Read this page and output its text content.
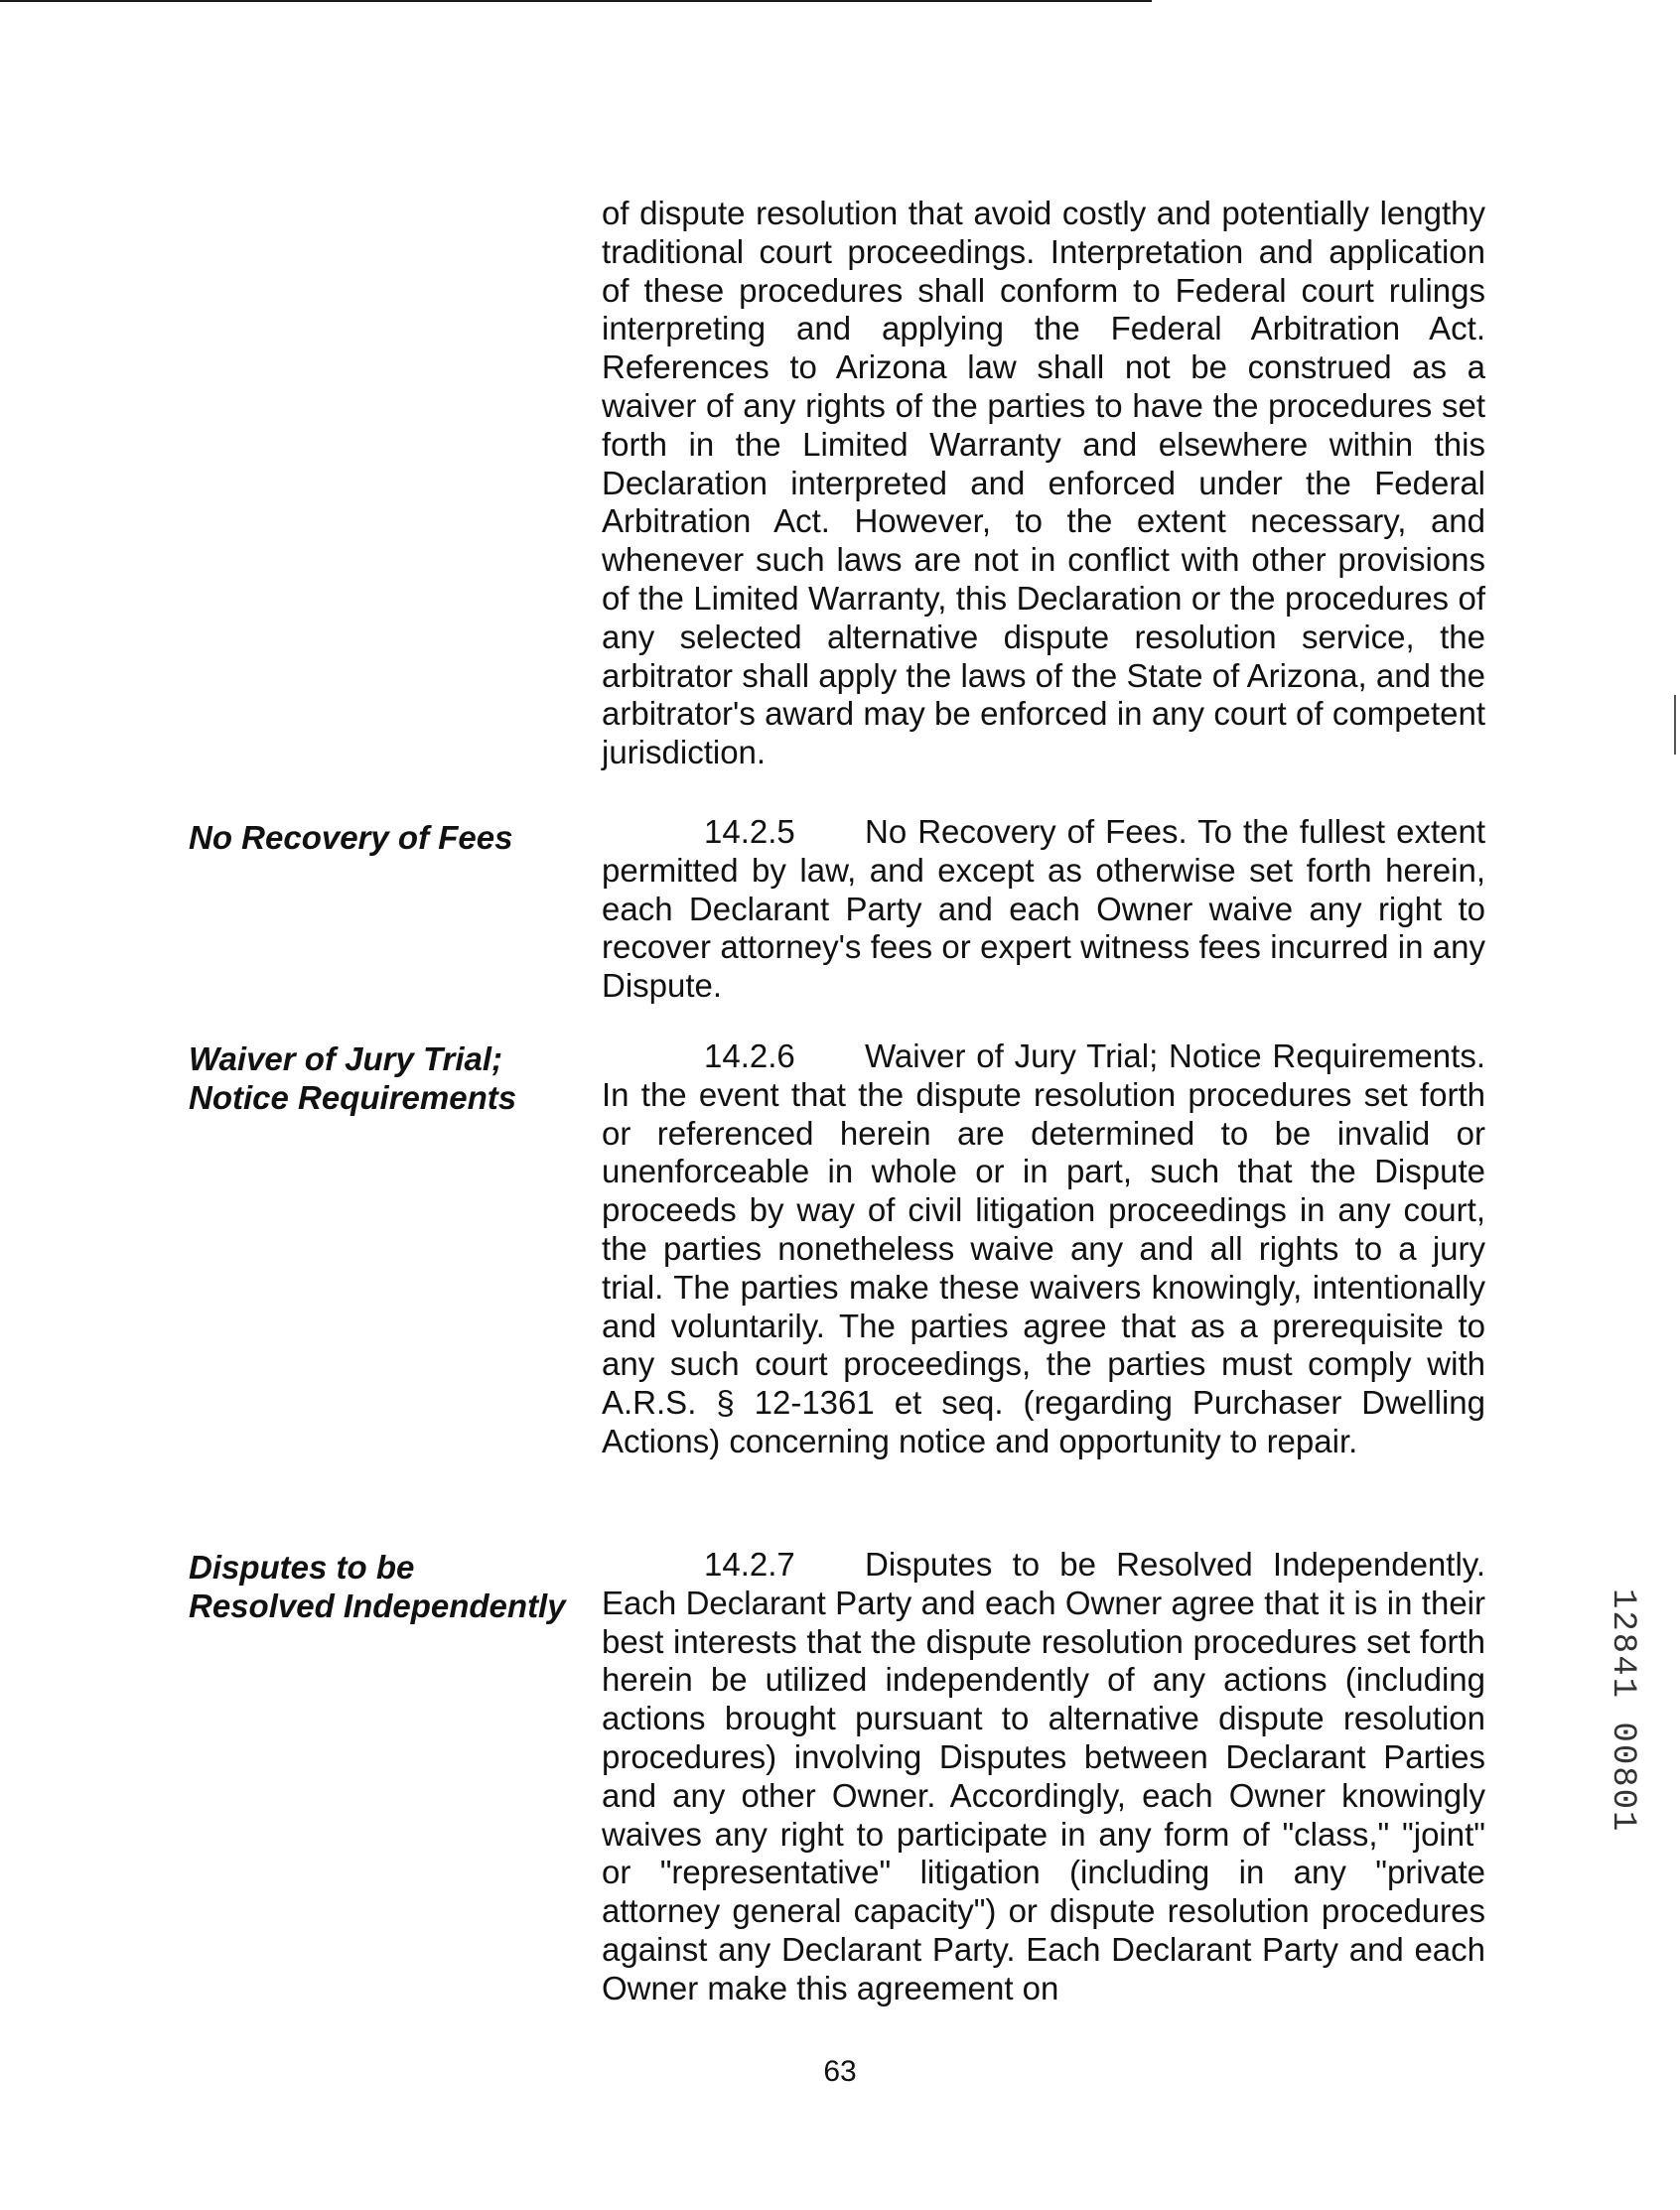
of dispute resolution that avoid costly and potentially lengthy traditional court proceedings. Interpretation and application of these procedures shall conform to Federal court rulings interpreting and applying the Federal Arbitration Act. References to Arizona law shall not be construed as a waiver of any rights of the parties to have the procedures set forth in the Limited Warranty and elsewhere within this Declaration interpreted and enforced under the Federal Arbitration Act. However, to the extent necessary, and whenever such laws are not in conflict with other provisions of the Limited Warranty, this Declaration or the procedures of any selected alternative dispute resolution service, the arbitrator shall apply the laws of the State of Arizona, and the arbitrator's award may be enforced in any court of competent jurisdiction.

No Recovery of Fees	14.2.5 No Recovery of Fees. To the fullest extent permitted by law, and except as otherwise set forth herein, each Declarant Party and each Owner waive any right to recover attorney's fees or expert witness fees incurred in any Dispute.

Waiver of Jury Trial;
Notice Requirements

14.2.6 Waiver of Jury Trial; Notice Requirements. In the event that the dispute resolution procedures set forth or referenced herein are determined to be invalid or unenforceable in whole or in part, such that the Dispute proceeds by way of civil litigation proceedings in any court, the parties nonetheless waive any and all rights to a jury trial. The parties make these waivers knowingly, intentionally and voluntarily. The parties agree that as a prerequisite to any such court proceedings, the parties must comply with A.R.S. § 12-1361 et seq. (regarding Purchaser Dwelling Actions) concerning notice and opportunity to repair.

Disputes to be
Resolved Independently

14.2.7 Disputes to be Resolved Independently. Each Declarant Party and each Owner agree that it is in their best interests that the dispute resolution procedures set forth herein be utilized independently of any actions (including actions brought pursuant to alternative dispute resolution procedures) involving Disputes between Declarant Parties and any other Owner. Accordingly, each Owner knowingly waives any right to participate in any form of "class," "joint" or "representative" litigation (including in any "private attorney general capacity") or dispute resolution procedures against any Declarant Party. Each Declarant Party and each Owner make this agreement on

63
12841 00801
